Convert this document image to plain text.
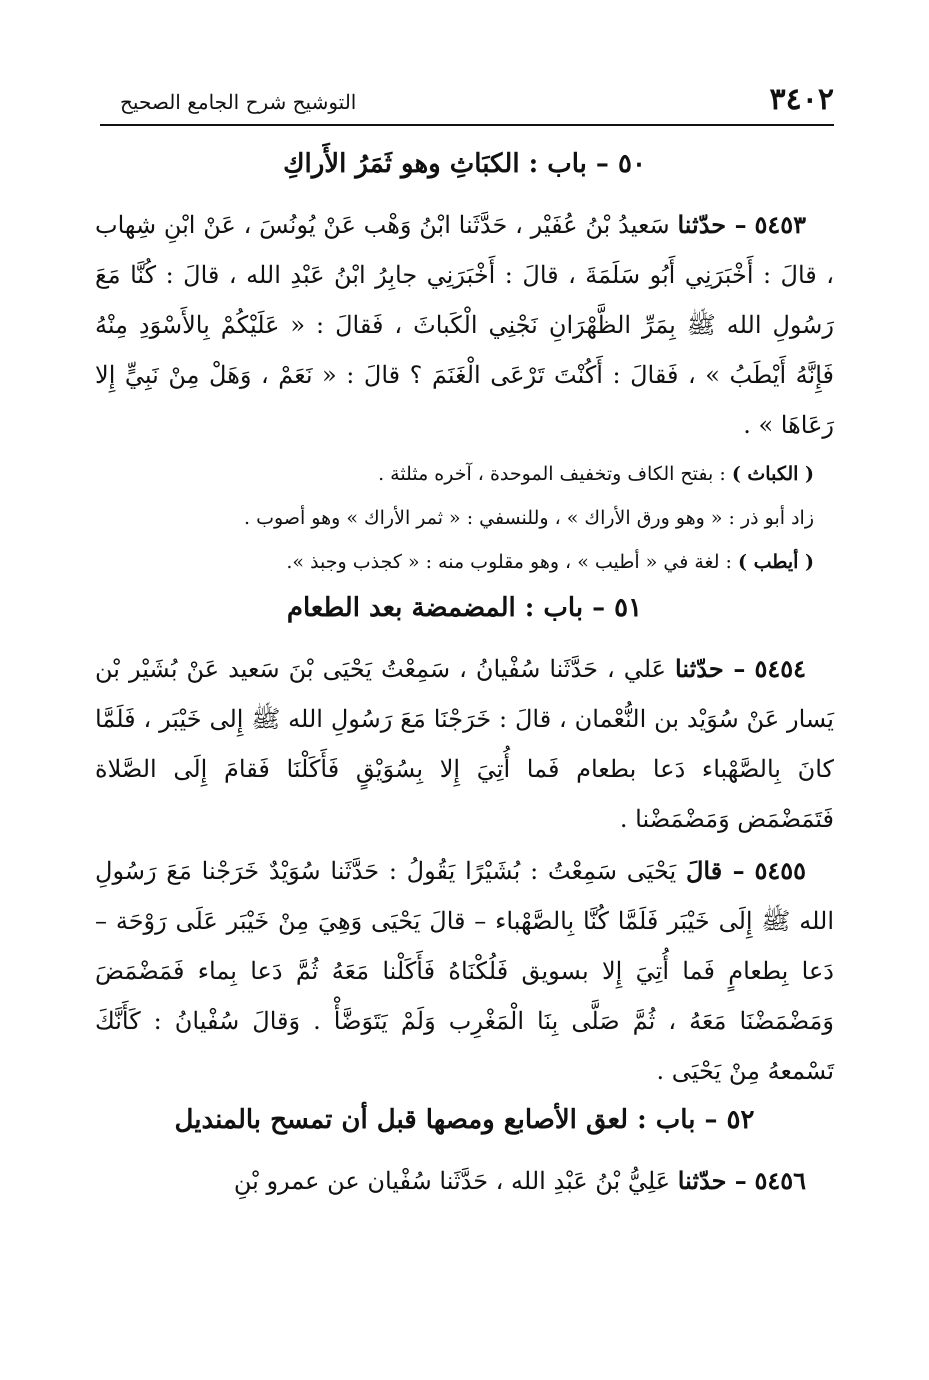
٣٤٠٢
التوشيح شرح الجامع الصحيح
٥٠ – باب : الكبَاثِ وهو ثَمَرُ الأَراكِ

٥٤٥٣ – حدّثنا سَعيدُ بْنُ عُفَيْر ، حَدَّثَنا ابْنُ وَهْب عَنْ يُونُسَ ، عَنْ ابْنِ شِهاب ، قالَ : أَخْبَرَنِي أَبُو سَلَمَةَ ، قالَ : أَخْبَرَنِي جابِرُ ابْنُ عَبْدِ الله ، قالَ : كُنَّا مَعَ رَسُولِ الله ﷺ بِمَرِّ الظَّهْرَانِ نَجْنِي الْكَباثَ ، فَقالَ : « عَلَيْكُمْ بِالأَسْوَدِ مِنْهُ فَإِنَّهُ أَيْطَبُ » ، فَقالَ : أَكُنْتَ تَرْعَى الْغَنَمَ ؟ قالَ : « نَعَمْ ، وَهَلْ مِنْ نَبِيٍّ إِلا رَعَاهَا » .

( الكباث ) : بفتح الكاف وتخفيف الموحدة ، آخره مثلثة .

زاد أبو ذر : « وهو ورق الأراك » ، وللنسفي : « ثمر الأراك » وهو أصوب .

( أيطب ) : لغة في « أطيب » ، وهو مقلوب منه : « كجذب وجبذ ».

٥١ – باب : المضمضة بعد الطعام

٥٤٥٤ – حدّثنا عَلي ، حَدَّثَنا سُفْيانُ ، سَمِعْتُ يَحْيَى بْنَ سَعيد عَنْ بُشَيْر بْن يَسار عَنْ سُوَيْد بن النُّعْمان ، قالَ : خَرَجْنَا مَعَ رَسُولِ الله ﷺ إِلى خَيْبَر ، فَلَمَّا كانَ بِالصَّهْباء دَعا بطعام فَما أُتِيَ إِلا بِسُوَيْقٍ فَأَكَلْنَا فَقامَ إِلَى الصَّلاة فَتَمَضْمَض وَمَضْمَضْنا .

٥٤٥٥ – قالَ يَحْيَى سَمِعْتُ : بُشَيْرًا يَقُولُ : حَدَّثَنا سُوَيْدٌ خَرَجْنا مَعَ رَسُولِ الله ﷺ إِلَى خَيْبَر فَلَمَّا كُنَّا بِالصَّهْباء – قالَ يَحْيَى وَهِيَ مِنْ خَيْبَر عَلَى رَوْحَة – دَعا بِطعامٍ فَما أُتِيَ إِلا بسويق فَلُكْنَاهُ فَأَكَلْنا مَعَهُ ثُمَّ دَعا بِماء فَمَضْمَضَ وَمَضْمَضْنَا مَعَهُ ، ثُمَّ صَلَّى بِنَا الْمَغْرِب وَلَمْ يَتَوَضَّأْ . وَقالَ سُفْيانُ : كَأَنَّكَ تَسْمعهُ مِنْ يَحْيَى .

٥٢ – باب : لعق الأصابع ومصها قبل أن تمسح بالمنديل

٥٤٥٦ – حدّثنا عَلِيُّ بْنُ عَبْدِ الله ، حَدَّثَنا سُفْيان عن عمرو بْنِ
